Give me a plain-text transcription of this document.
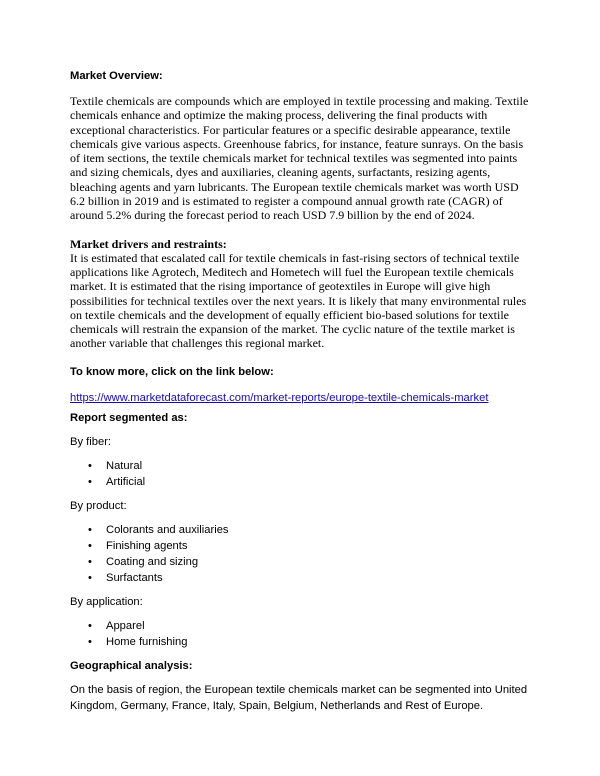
Market Overview:

Textile chemicals are compounds which are employed in textile processing and making. Textile chemicals enhance and optimize the making process, delivering the final products with exceptional characteristics. For particular features or a specific desirable appearance, textile chemicals give various aspects. Greenhouse fabrics, for instance, feature sunrays. On the basis of item sections, the textile chemicals market for technical textiles was segmented into paints and sizing chemicals, dyes and auxiliaries, cleaning agents, surfactants, resizing agents, bleaching agents and yarn lubricants. The European textile chemicals market was worth USD 6.2 billion in 2019 and is estimated to register a compound annual growth rate (CAGR) of around 5.2% during the forecast period to reach USD 7.9 billion by the end of 2024.

Market drivers and restraints:

It is estimated that escalated call for textile chemicals in fast-rising sectors of technical textile applications like Agrotech, Meditech and Hometech will fuel the European textile chemicals market. It is estimated that the rising importance of geotextiles in Europe will give high possibilities for technical textiles over the next years. It is likely that many environmental rules on textile chemicals and the development of equally efficient bio-based solutions for textile chemicals will restrain the expansion of the market. The cyclic nature of the textile market is another variable that challenges this regional market.

To know more, click on the link below:
https://www.marketdataforecast.com/market-reports/europe-textile-chemicals-market
Report segmented as:

By fiber:

• Natural
• Artificial

By product:

• Colorants and auxiliaries
• Finishing agents
• Coating and sizing
• Surfactants

By application:

• Apparel
• Home furnishing
Geographical analysis:

On the basis of region, the European textile chemicals market can be segmented into United Kingdom, Germany, France, Italy, Spain, Belgium, Netherlands and Rest of Europe.
